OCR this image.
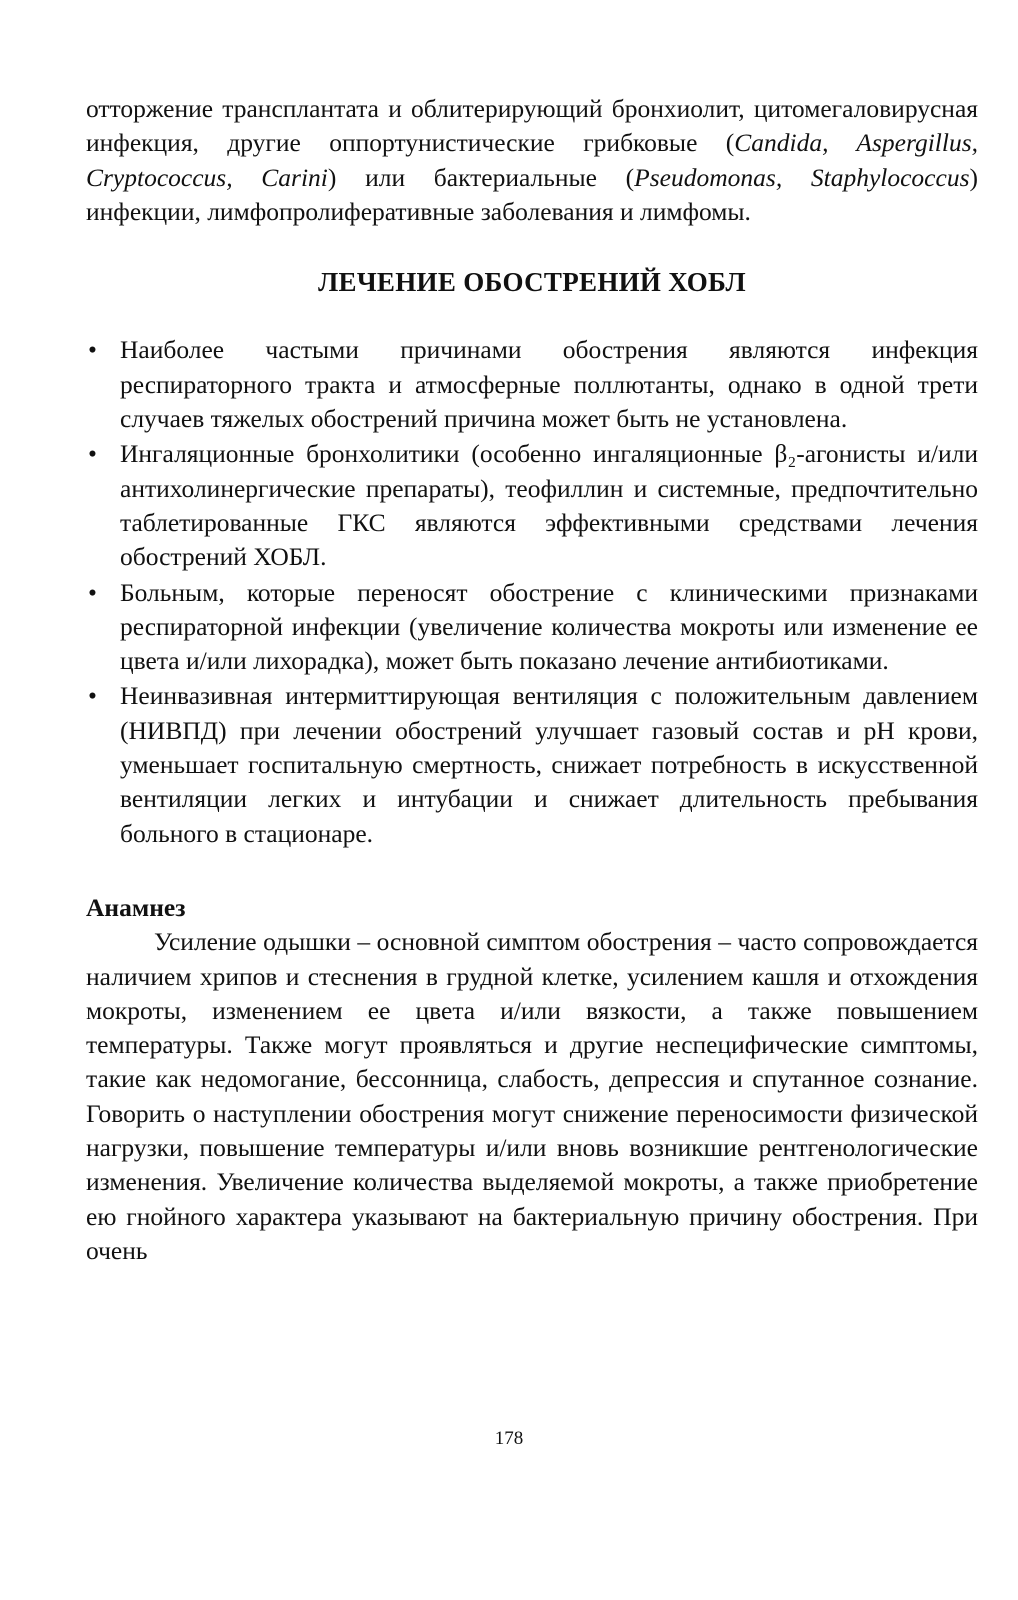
отторжение трансплантата и облитерирующий бронхиолит, цитомегаловирусная инфекция, другие оппортунистические грибковые (Candida, Aspergillus, Cryptococcus, Carini) или бактериальные (Pseudomonas, Staphylococcus) инфекции, лимфопролиферативные заболевания и лимфомы.

ЛЕЧЕНИЕ ОБОСТРЕНИЙ ХОБЛ
• Наиболее частыми причинами обострения являются инфекция респираторного тракта и атмосферные поллютанты, однако в одной трети случаев тяжелых обострений причина может быть не установлена.
• Ингаляционные бронхолитики (особенно ингаляционные β₂-агонисты и/или антихолинергические препараты), теофиллин и системные, предпочтительно таблетированные ГКС являются эффективными средствами лечения обострений ХОБЛ.
• Больным, которые переносят обострение с клиническими признаками респираторной инфекции (увеличение количества мокроты или изменение ее цвета и/или лихорадка), может быть показано лечение антибиотиками.
• Неинвазивная интермиттирующая вентиляция с положительным давлением (НИВПД) при лечении обострений улучшает газовый состав и pH крови, уменьшает госпитальную смертность, снижает потребность в искусственной вентиляции легких и интубации и снижает длительность пребывания больного в стационаре.
Анамнез

Усиление одышки – основной симптом обострения – часто сопровождается наличием хрипов и стеснения в грудной клетке, усилением кашля и отхождения мокроты, изменением ее цвета и/или вязкости, а также повышением температуры. Также могут проявляться и другие неспецифические симптомы, такие как недомогание, бессонница, слабость, депрессия и спутанное сознание. Говорить о наступлении обострения могут снижение переносимости физической нагрузки, повышение температуры и/или вновь возникшие рентгенологические изменения. Увеличение количества выделяемой мокроты, а также приобретение ею гнойного характера указывают на бактериальную причину обострения. При очень

178
